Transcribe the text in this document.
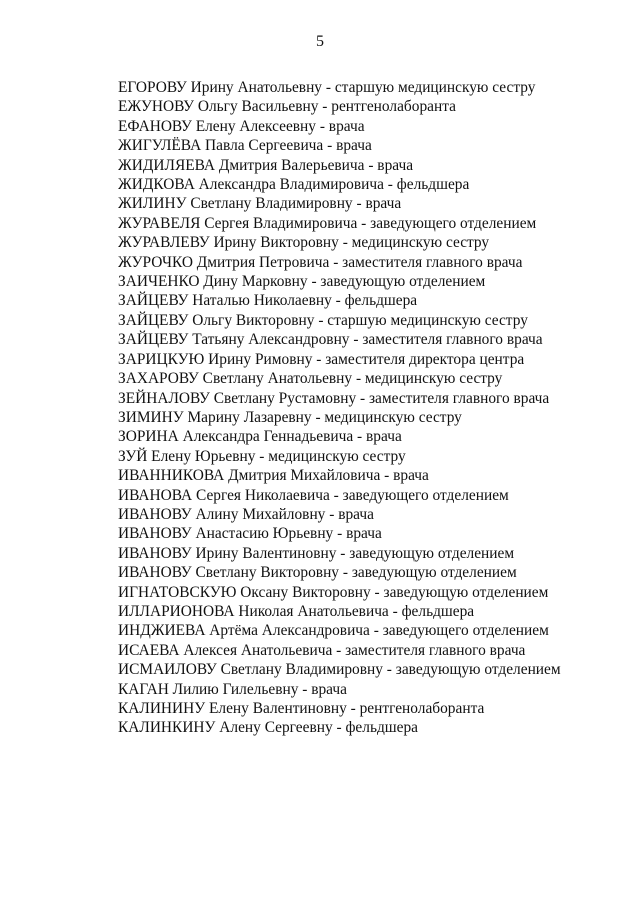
5
ЕГОРОВУ Ирину Анатольевну - старшую медицинскую сестру
ЕЖУНОВУ Ольгу Васильевну - рентгенолаборанта
ЕФАНОВУ Елену Алексеевну - врача
ЖИГУЛЁВА Павла Сергеевича - врача
ЖИДИЛЯЕВА Дмитрия Валерьевича - врача
ЖИДКОВА Александра Владимировича - фельдшера
ЖИЛИНУ Светлану Владимировну - врача
ЖУРАВЕЛЯ Сергея Владимировича - заведующего отделением
ЖУРАВЛЕВУ Ирину Викторовну - медицинскую сестру
ЖУРОЧКО Дмитрия Петровича - заместителя главного врача
ЗАИЧЕНКО Дину Марковну - заведующую отделением
ЗАЙЦЕВУ Наталью Николаевну - фельдшера
ЗАЙЦЕВУ Ольгу Викторовну - старшую медицинскую сестру
ЗАЙЦЕВУ Татьяну Александровну - заместителя главного врача
ЗАРИЦКУЮ Ирину Римовну - заместителя директора центра
ЗАХАРОВУ Светлану Анатольевну - медицинскую сестру
ЗЕЙНАЛОВУ Светлану Рустамовну - заместителя главного врача
ЗИМИНУ Марину Лазаревну - медицинскую сестру
ЗОРИНА Александра Геннадьевича - врача
ЗУЙ Елену Юрьевну - медицинскую сестру
ИВАННИКОВА Дмитрия Михайловича - врача
ИВАНОВА Сергея Николаевича - заведующего отделением
ИВАНОВУ Алину Михайловну - врача
ИВАНОВУ Анастасию Юрьевну - врача
ИВАНОВУ Ирину Валентиновну - заведующую отделением
ИВАНОВУ Светлану Викторовну - заведующую отделением
ИГНАТОВСКУЮ Оксану Викторовну - заведующую отделением
ИЛЛАРИОНОВА Николая Анатольевича - фельдшера
ИНДЖИЕВА Артёма Александровича - заведующего отделением
ИСАЕВА Алексея Анатольевича - заместителя главного врача
ИСМАИЛОВУ Светлану Владимировну - заведующую отделением
КАГАН Лилию Гилельевну - врача
КАЛИНИНУ Елену Валентиновну - рентгенолаборанта
КАЛИНКИНУ Алену Сергеевну - фельдшера
